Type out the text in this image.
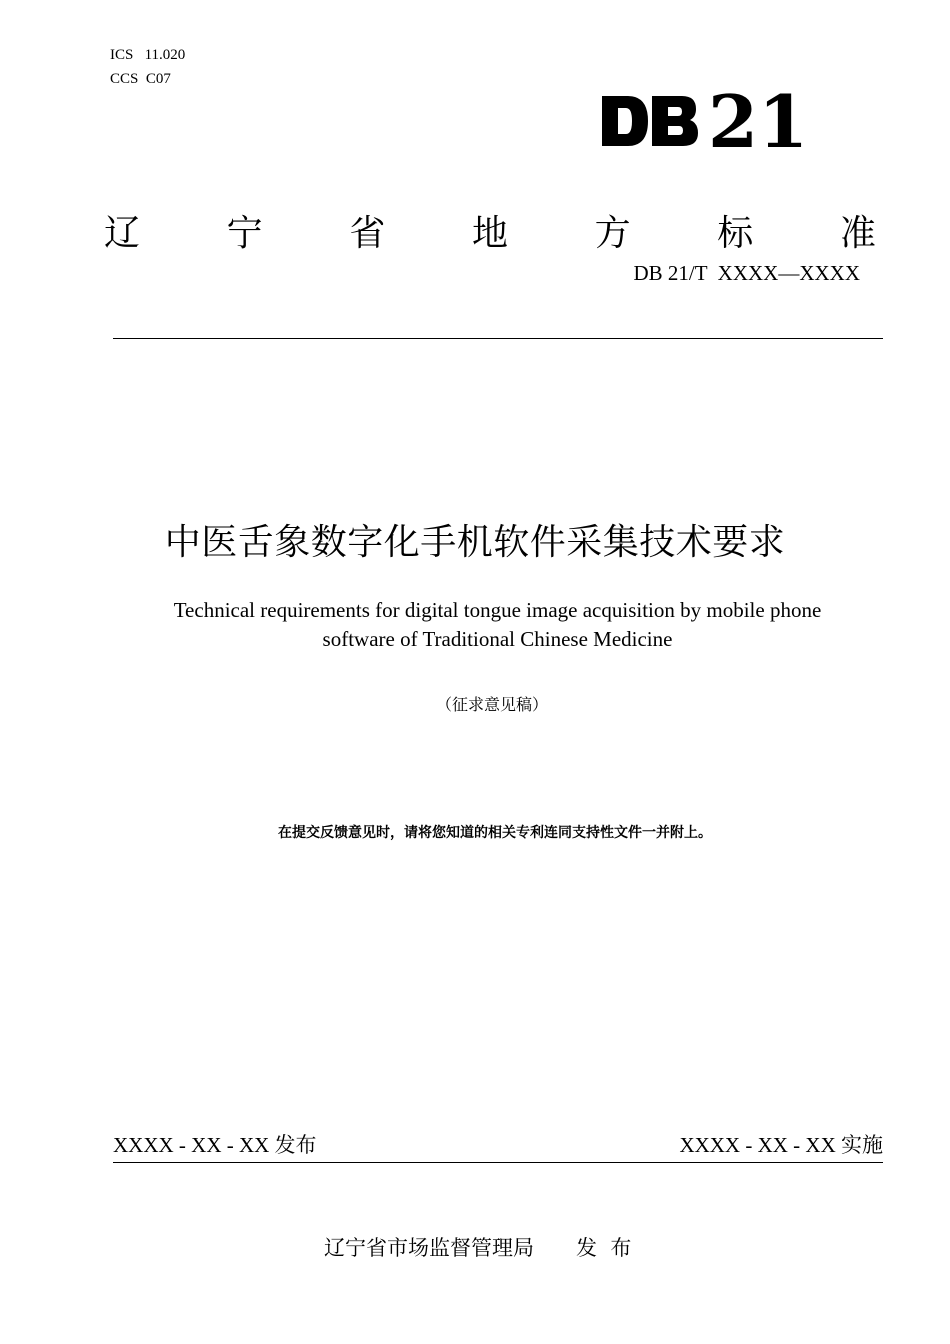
ICS   11.020
CCS  C07	21
辽 宁 省 地 方 标 准
DB 21/T  XXXX—XXXX
中医舌象数字化手机软件采集技术要求
Technical requirements for digital tongue image acquisition by mobile phone
software of Traditional Chinese Medicine
（征求意见稿）
在提交反馈意见时，请将您知道的相关专利连同支持性文件一并附上。
XXXX - XX - XX 发布	XXXX - XX - XX 实施
辽宁省市场监督管理局　　发  布
